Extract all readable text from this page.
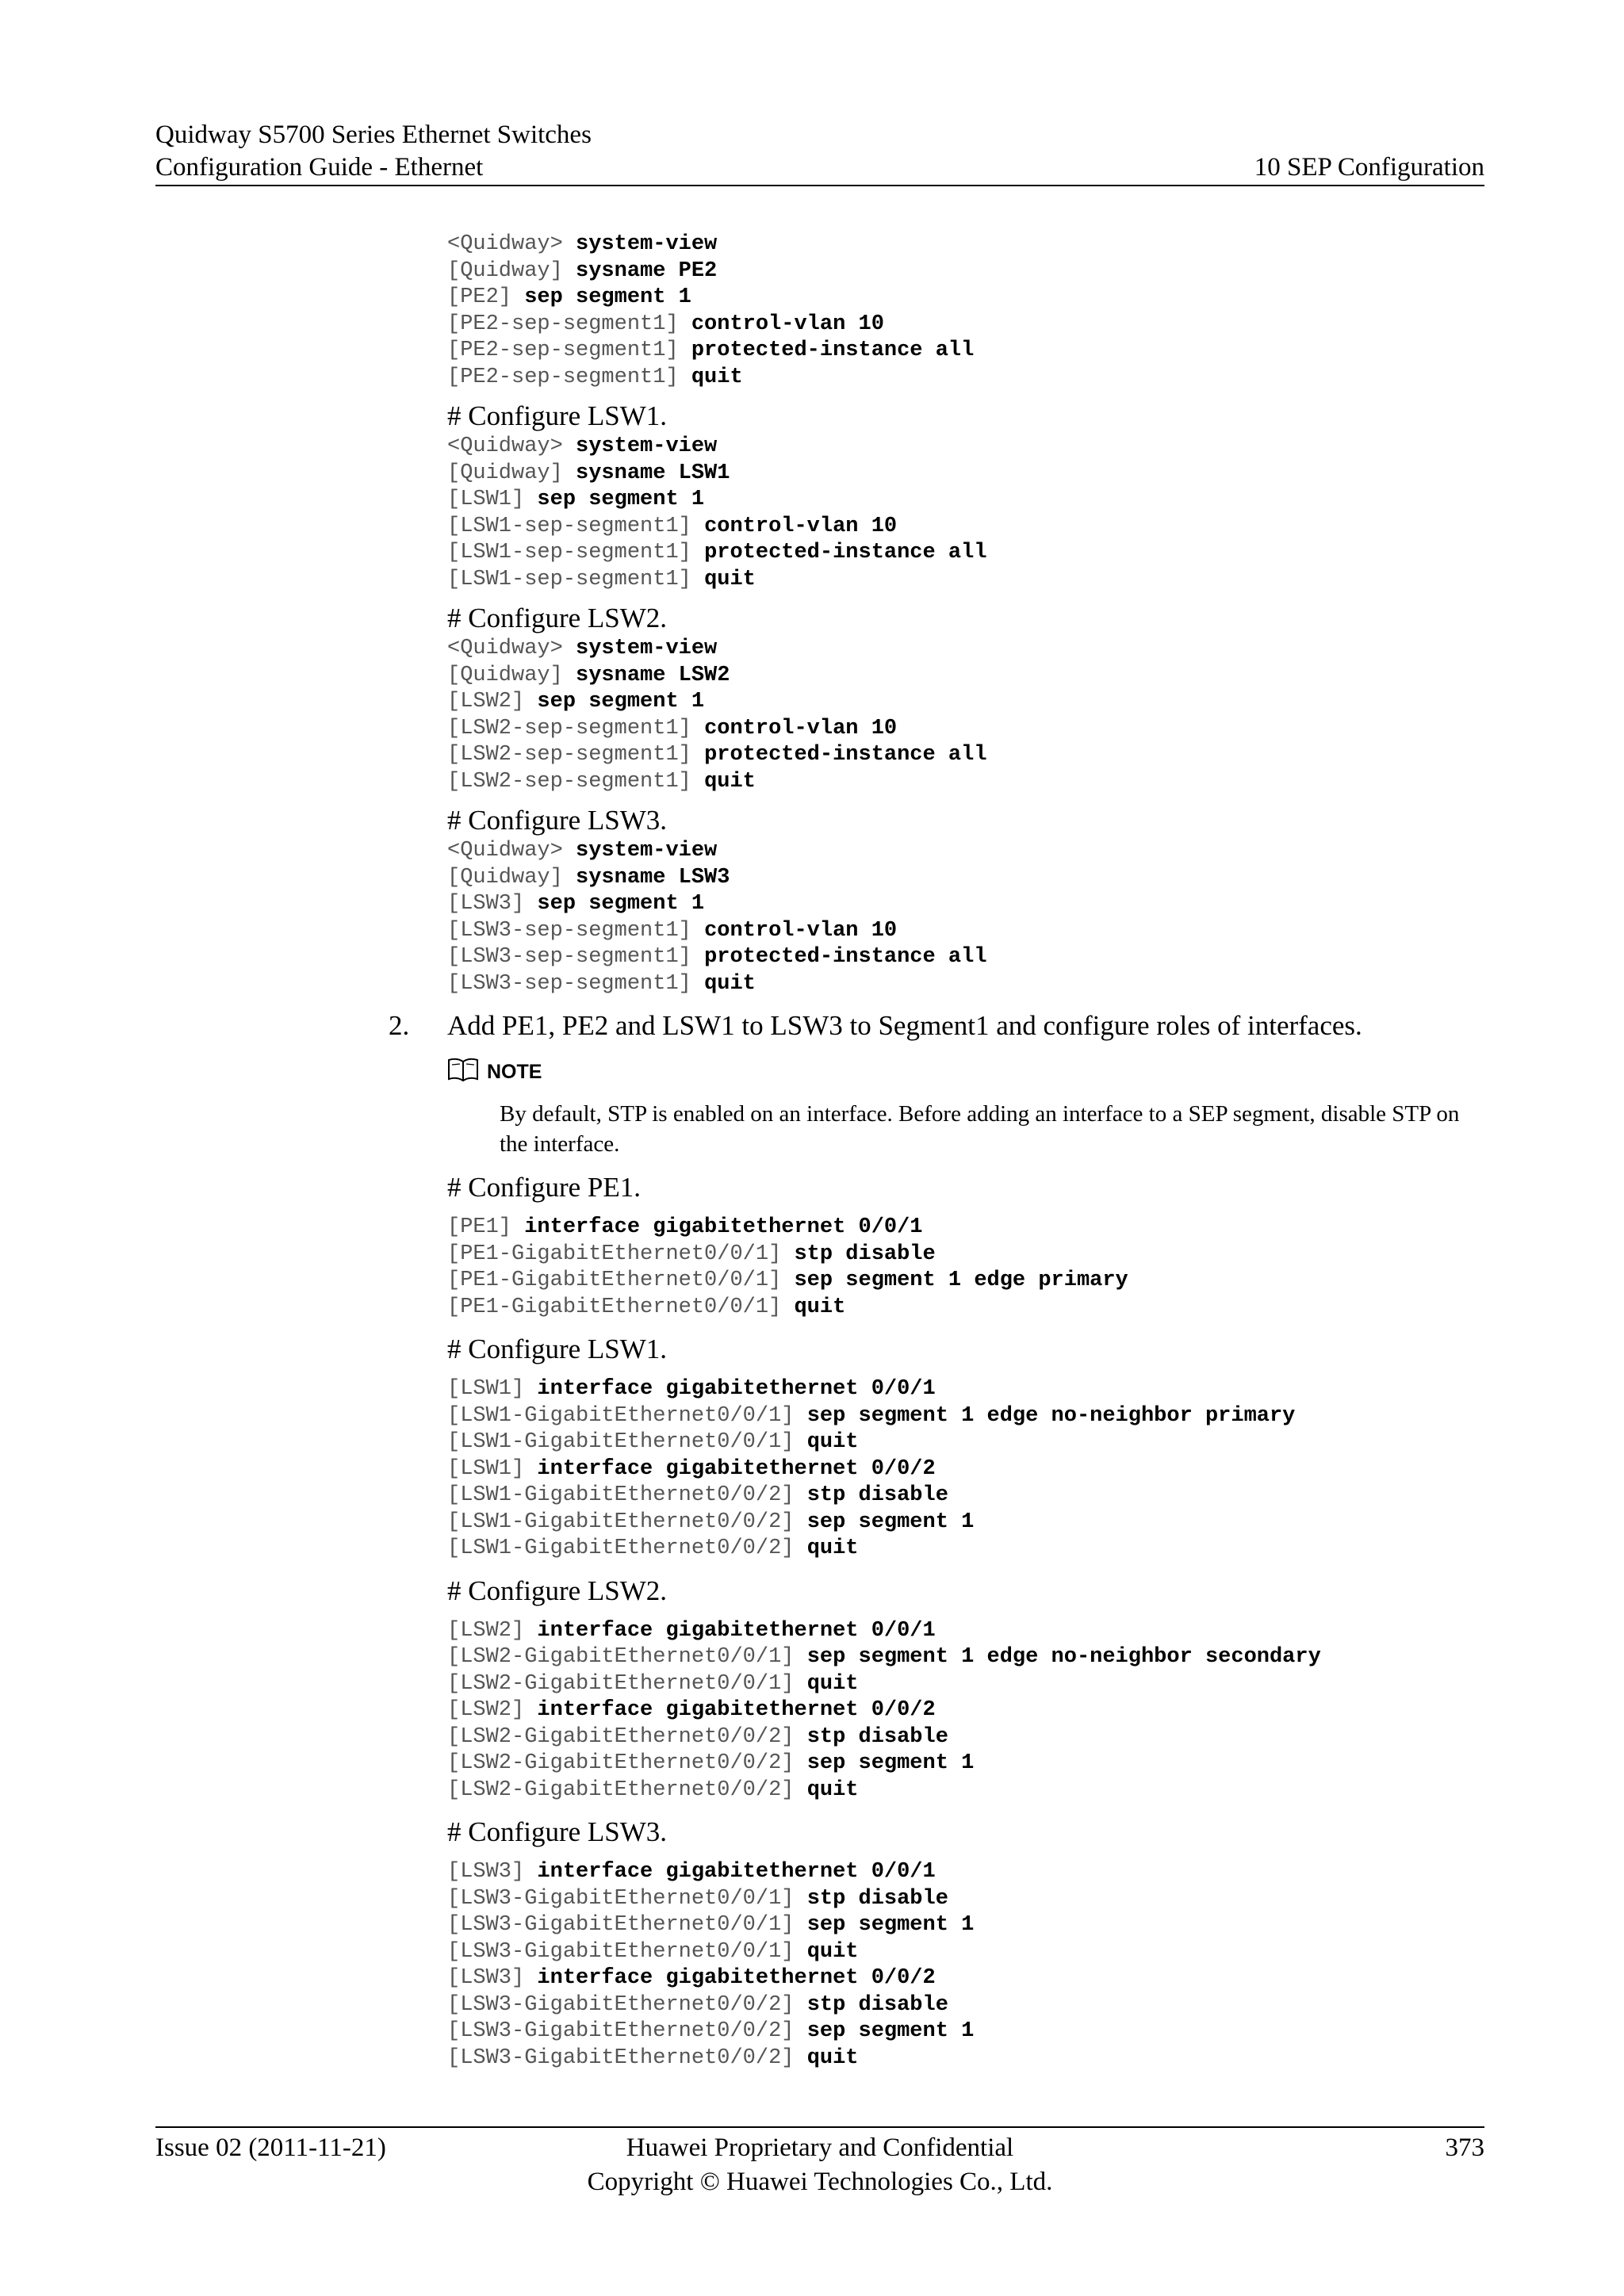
Quidway S5700 Series Ethernet Switches
Configuration Guide - Ethernet	10 SEP Configuration
<Quidway> system-view
[Quidway] sysname PE2
[PE2] sep segment 1
[PE2-sep-segment1] control-vlan 10
[PE2-sep-segment1] protected-instance all
[PE2-sep-segment1] quit
# Configure LSW1.
<Quidway> system-view
[Quidway] sysname LSW1
[LSW1] sep segment 1
[LSW1-sep-segment1] control-vlan 10
[LSW1-sep-segment1] protected-instance all
[LSW1-sep-segment1] quit
# Configure LSW2.
<Quidway> system-view
[Quidway] sysname LSW2
[LSW2] sep segment 1
[LSW2-sep-segment1] control-vlan 10
[LSW2-sep-segment1] protected-instance all
[LSW2-sep-segment1] quit
# Configure LSW3.
<Quidway> system-view
[Quidway] sysname LSW3
[LSW3] sep segment 1
[LSW3-sep-segment1] control-vlan 10
[LSW3-sep-segment1] protected-instance all
[LSW3-sep-segment1] quit
2. Add PE1, PE2 and LSW1 to LSW3 to Segment1 and configure roles of interfaces.
NOTE
By default, STP is enabled on an interface. Before adding an interface to a SEP segment, disable STP on the interface.
# Configure PE1.
[PE1] interface gigabitethernet 0/0/1
[PE1-GigabitEthernet0/0/1] stp disable
[PE1-GigabitEthernet0/0/1] sep segment 1 edge primary
[PE1-GigabitEthernet0/0/1] quit
# Configure LSW1.
[LSW1] interface gigabitethernet 0/0/1
[LSW1-GigabitEthernet0/0/1] sep segment 1 edge no-neighbor primary
[LSW1-GigabitEthernet0/0/1] quit
[LSW1] interface gigabitethernet 0/0/2
[LSW1-GigabitEthernet0/0/2] stp disable
[LSW1-GigabitEthernet0/0/2] sep segment 1
[LSW1-GigabitEthernet0/0/2] quit
# Configure LSW2.
[LSW2] interface gigabitethernet 0/0/1
[LSW2-GigabitEthernet0/0/1] sep segment 1 edge no-neighbor secondary
[LSW2-GigabitEthernet0/0/1] quit
[LSW2] interface gigabitethernet 0/0/2
[LSW2-GigabitEthernet0/0/2] stp disable
[LSW2-GigabitEthernet0/0/2] sep segment 1
[LSW2-GigabitEthernet0/0/2] quit
# Configure LSW3.
[LSW3] interface gigabitethernet 0/0/1
[LSW3-GigabitEthernet0/0/1] stp disable
[LSW3-GigabitEthernet0/0/1] sep segment 1
[LSW3-GigabitEthernet0/0/1] quit
[LSW3] interface gigabitethernet 0/0/2
[LSW3-GigabitEthernet0/0/2] stp disable
[LSW3-GigabitEthernet0/0/2] sep segment 1
[LSW3-GigabitEthernet0/0/2] quit
Issue 02 (2011-11-21)	Huawei Proprietary and Confidential
Copyright © Huawei Technologies Co., Ltd.
373
